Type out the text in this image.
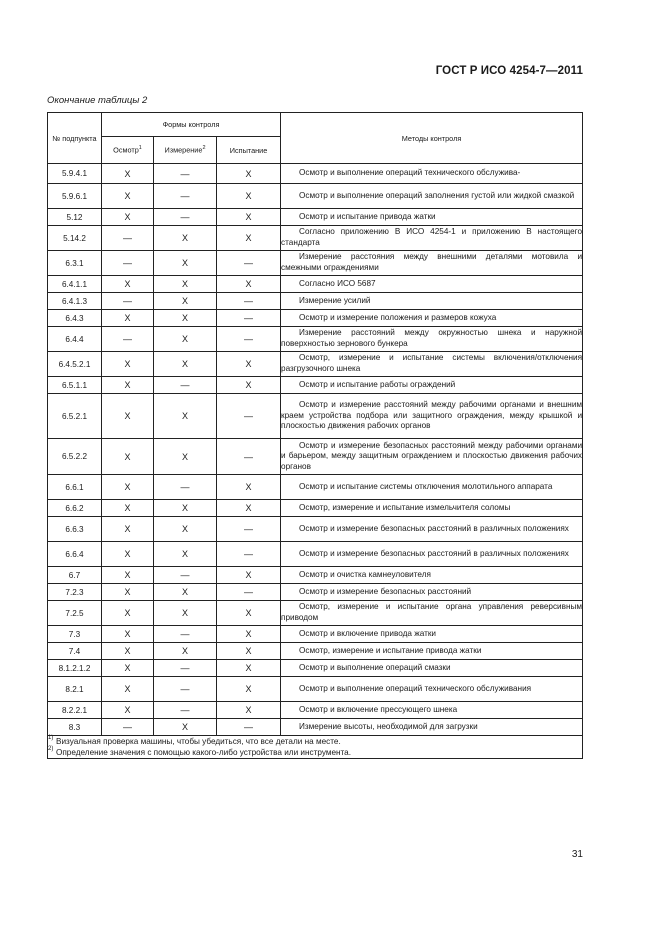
ГОСТ Р ИСО 4254-7—2011
Окончание таблицы 2
№ подпункта	Формы контроля			Методы контроля
	Осмотр$^1$	Измерение$^2$	Испытание	
5.9.4.1	X	—	X	Осмотр и выполнение операций технического обслужива-
5.9.6.1	X	—	X	Осмотр и выполнение операций заполнения густой или жидкой смазкой
5.12	X	—	X	Осмотр и испытание привода жатки
5.14.2	—	X	X	Согласно приложению В ИСО 4254-1 и приложению В настоящего стандарта
6.3.1	—	X	—	Измерение расстояния между внешними деталями мотовила и смежными ограждениями
6.4.1.1	X	X	X	Согласно ИСО 5687
6.4.1.3	—	X	—	Измерение усилий
6.4.3	X	X	—	Осмотр и измерение положения и размеров кожуха
6.4.4	—	X	—	Измерение расстояний между окружностью шнека и наружной поверхностью зернового бункера
6.4.5.2.1	X	X	X	Осмотр, измерение и испытание системы включения/отключения разгрузочного шнека
6.5.1.1	X	—	X	Осмотр и испытание работы ограждений
6.5.2.1	X	X	—	Осмотр и измерение расстояний между рабочими органами и внешним краем устройства подбора или защитного ограждения, между крышкой и плоскостью движения рабочих органов
6.5.2.2	X	X	—	Осмотр и измерение безопасных расстояний между рабочими органами и барьером, между защитным ограждением и плоскостью движения рабочих органов
6.6.1	X	—	X	Осмотр и испытание системы отключения молотильного аппарата
6.6.2	X	X	X	Осмотр, измерение и испытание измельчителя соломы
6.6.3	X	X	—	Осмотр и измерение безопасных расстояний в различных положениях
6.6.4	X	X	—	Осмотр и измерение безопасных расстояний в различных положениях
6.7	X	—	X	Осмотр и очистка камнеуловителя
7.2.3	X	X	—	Осмотр и измерение безопасных расстояний
7.2.5	X	X	X	Осмотр, измерение и испытание органа управления реверсивным приводом
7.3	X	—	X	Осмотр и включение привода жатки
7.4	X	X	X	Осмотр, измерение и испытание привода жатки
8.1.2.1.2	X	—	X	Осмотр и выполнение операций смазки
8.2.1	X	—	X	Осмотр и выполнение операций технического обслуживания
8.2.2.1	X	—	X	Осмотр и включение прессующего шнека
8.3	—	X	—	Измерение высоты, необходимой для загрузки

1) Визуальная проверка машины, чтобы убедиться, что все детали на месте.
2) Определение значения с помощью какого-либо устройства или инструмента.				
31
